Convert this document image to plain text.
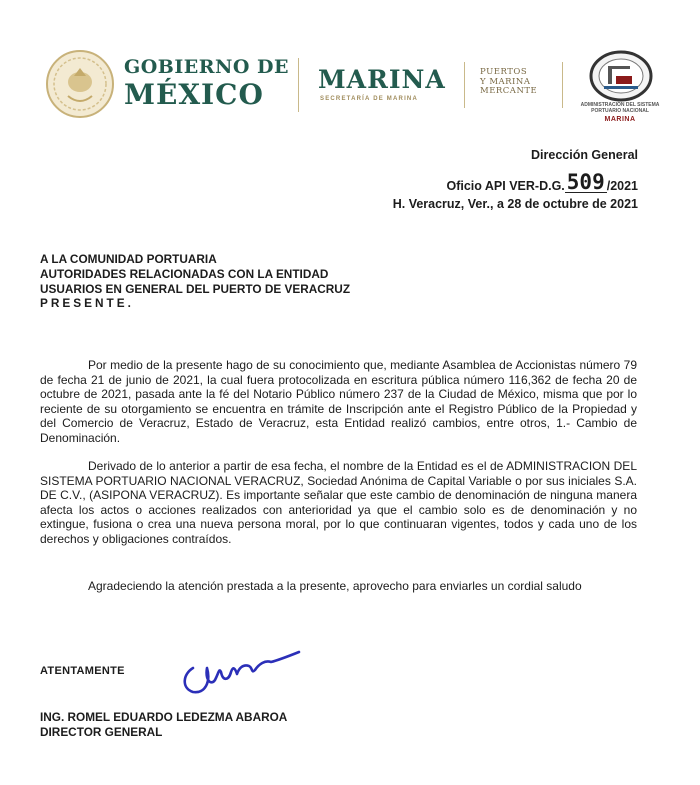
GOBIERNO DE
MÉXICO MARINA
SECRETARÍA DE MARINA
PUERTOS
Y MARINA
MERCANTE
ADMINISTRACIÓN DEL SISTEMA PORTUARIO NACIONAL
MARINA
Dirección General
Oficio API VER-D.G. 509 /2021
H. Veracruz, Ver., a 28 de octubre de 2021
A LA COMUNIDAD PORTUARIA
AUTORIDADES RELACIONADAS CON LA ENTIDAD
USUARIOS EN GENERAL DEL PUERTO DE VERACRUZ
PRESENTE.
Por medio de la presente hago de su conocimiento que, mediante Asamblea de Accionistas número 79 de fecha 21 de junio de 2021, la cual fuera protocolizada en escritura pública número 116,362 de fecha 20 de octubre de 2021, pasada ante la fé del Notario Público número 237 de la Ciudad de México, misma que por lo reciente de su otorgamiento se encuentra en trámite de Inscripción ante el Registro Público de la Propiedad y del Comercio de Veracruz, Estado de Veracruz, esta Entidad realizó cambios, entre otros, 1.- Cambio de Denominación.
Derivado de lo anterior a partir de esa fecha, el nombre de la Entidad es el de ADMINISTRACION DEL SISTEMA PORTUARIO NACIONAL VERACRUZ, Sociedad Anónima de Capital Variable o por sus iniciales S.A. DE C.V., (ASIPONA VERACRUZ). Es importante señalar que este cambio de denominación de ninguna manera afecta los actos o acciones realizados con anterioridad ya que el cambio solo es de denominación y no extingue, fusiona o crea una nueva persona moral, por lo que continuaran vigentes, todos y cada uno de los derechos y obligaciones contraídos.
Agradeciendo la atención prestada a la presente, aprovecho para enviarles un cordial saludo
ATENTAMENTE
ING. ROMEL EDUARDO LEDEZMA ABAROA
DIRECTOR GENERAL
